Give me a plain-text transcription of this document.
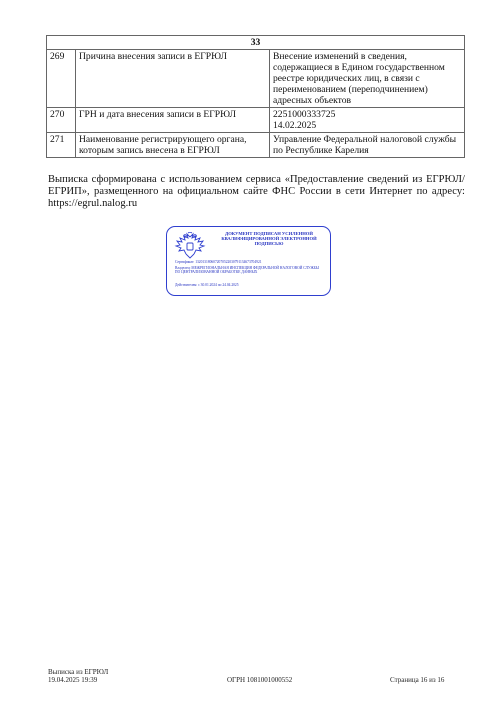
33		
269	Причина внесения записи в ЕГРЮЛ	Внесение изменений в сведения, содержащиеся в Едином государственном реестре юридических лиц, в связи с переименованием (переподчинением) адресных объектов
270	ГРН и дата внесения записи в ЕГРЮЛ	2251000333725
14.02.2025

271	Наименование регистрирующего органа, которым запись внесена в ЕГРЮЛ	Управление Федеральной налоговой службы по Республике Карелия
Выписка сформирована с использованием сервиса «Предоставление сведений из ЕГРЮЛ/ЕГРИП», размещенного на официальном сайте ФНС России в сети Интернет по адресу: https://egrul.nalog.ru
ДОКУМЕНТ ПОДПИСАН УСИЛЕННОЙ КВАЛИФИЦИРОВАННОЙ ЭЛЕКТРОННОЙ ПОДПИСЬЮ
Сертификат: 1320131806072070522030791134673704921
Владелец: МЕЖРЕГИОНАЛЬНАЯ ИНСПЕКЦИЯ ФЕДЕРАЛЬНОЙ НАЛОГОВОЙ СЛУЖБЫ ПО ЦЕНТРАЛИЗОВАННОЙ ОБРАБОТКЕ ДАННЫХ
Действителен: с 30.01.2024 по 24.04.2025
Выписка из ЕГРЮЛ
19.04.2025 19:39	ОГРН 1081001000552	Страница 16 из 16
